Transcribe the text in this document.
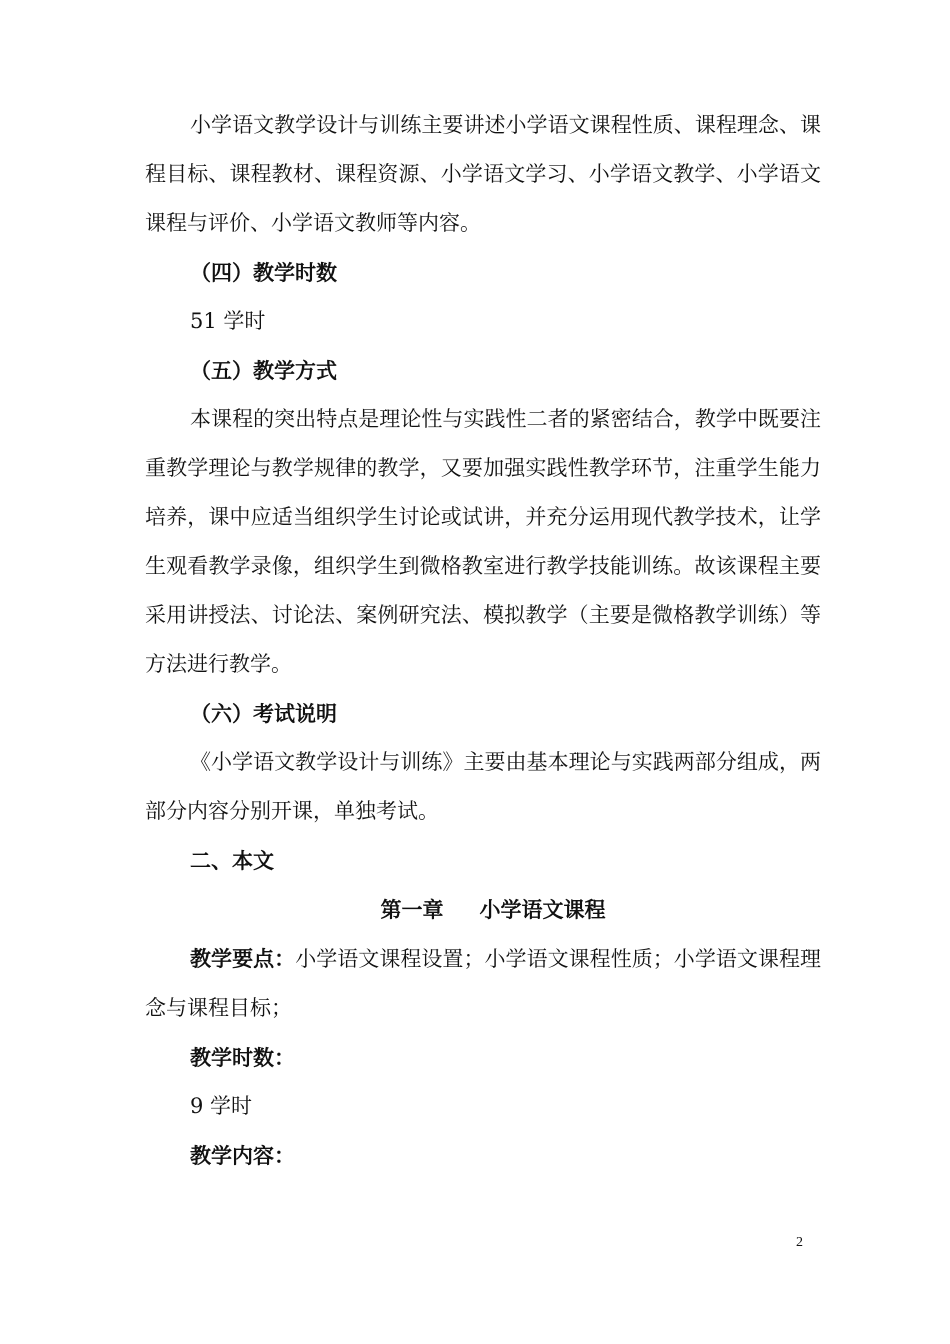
小学语文教学设计与训练主要讲述小学语文课程性质、课程理念、课程目标、课程教材、课程资源、小学语文学习、小学语文教学、小学语文课程与评价、小学语文教师等内容。

（四）教学时数

51 学时

（五）教学方式

本课程的突出特点是理论性与实践性二者的紧密结合，教学中既要注重教学理论与教学规律的教学，又要加强实践性教学环节，注重学生能力培养，课中应适当组织学生讨论或试讲，并充分运用现代教学技术，让学生观看教学录像，组织学生到微格教室进行教学技能训练。故该课程主要采用讲授法、讨论法、案例研究法、模拟教学（主要是微格教学训练）等方法进行教学。

（六）考试说明

《小学语文教学设计与训练》主要由基本理论与实践两部分组成，两部分内容分别开课，单独考试。

二、本文

第一章 小学语文课程

教学要点：小学语文课程设置；小学语文课程性质；小学语文课程理念与课程目标；

教学时数：

9 学时

教学内容：

2
